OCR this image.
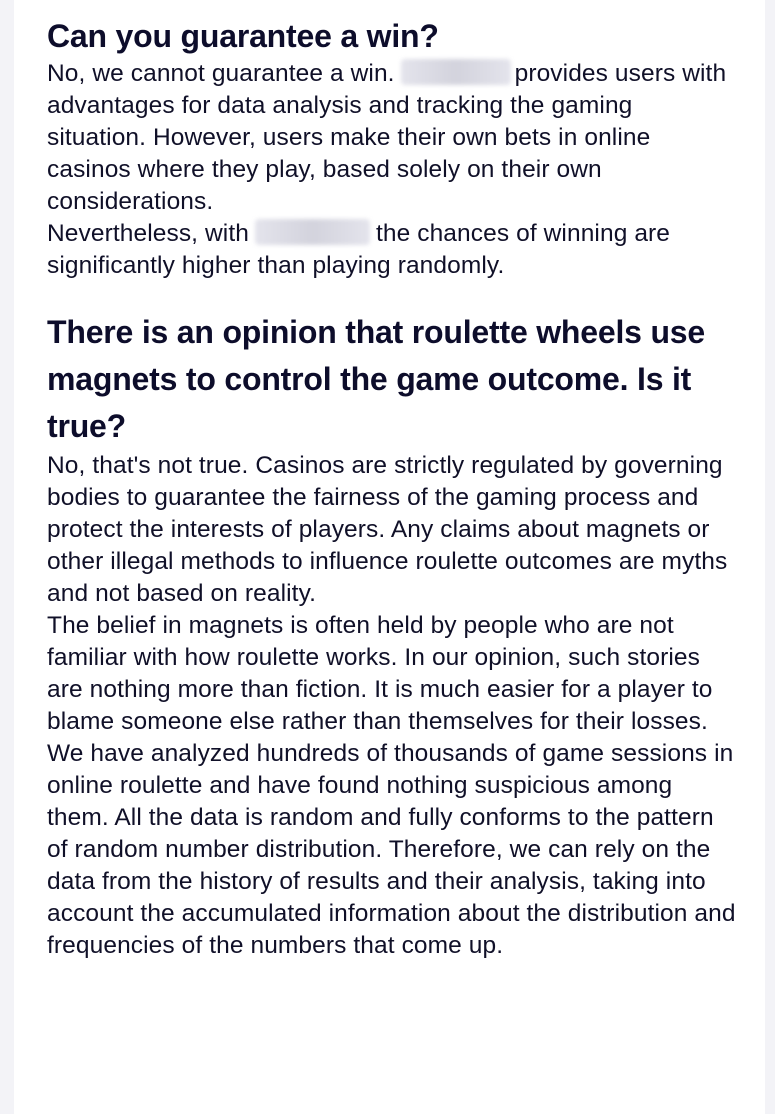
Can you guarantee a win?

No, we cannot guarantee a win.	provides users with advantages for data analysis and tracking the gaming situation. However, users make their own bets in online casinos where they play, based solely on their own considerations.

Nevertheless, with	the chances of winning are significantly higher than playing randomly.

There is an opinion that roulette wheels use magnets to control the game outcome. Is it true?

No, that's not true. Casinos are strictly regulated by governing bodies to guarantee the fairness of the gaming process and protect the interests of players. Any claims about magnets or other illegal methods to influence roulette outcomes are myths and not based on reality.

The belief in magnets is often held by people who are not familiar with how roulette works. In our opinion, such stories are nothing more than fiction. It is much easier for a player to blame someone else rather than themselves for their losses.

We have analyzed hundreds of thousands of game sessions in online roulette and have found nothing suspicious among them. All the data is random and fully conforms to the pattern of random number distribution. Therefore, we can rely on the data from the history of results and their analysis, taking into account the accumulated information about the distribution and frequencies of the numbers that come up.
